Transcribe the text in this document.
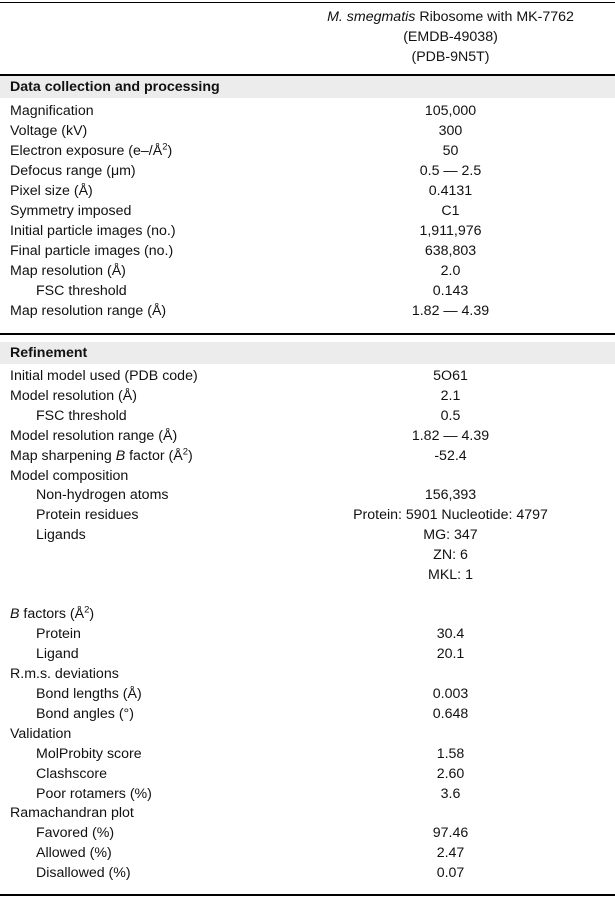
M. smegmatis Ribosome with MK-7762
(EMDB-49038)
(PDB-9N5T)
Data collection and processing
Magnification	105,000
Voltage (kV)	300
Electron exposure $(e-/Å^2)$	50
Defocus range (μm)	0.5 — 2.5
Pixel size (Å)	0.4131
Symmetry imposed	C1
Initial particle images (no.)	1,911,976
Final particle images (no.)	638,803
Map resolution (Å)	2.0
FSC threshold	0.143
Map resolution range (Å)	1.82 — 4.39
Refinement
Initial model used (PDB code)	5O61
Model resolution (Å)	2.1
FSC threshold	0.5
Model resolution range (Å)	1.82 — 4.39
Map sharpening B factor $(Å^2)$	-52.4
Model composition
Non-hydrogen atoms	156,393
Protein residues	Protein: 5901 Nucleotide: 4797
Ligands	MG: 347
ZN: 6
MKL: 1
B factors $(Å^2)$
Protein	30.4
Ligand	20.1
R.m.s. deviations
Bond lengths (Å)	0.003
Bond angles (°)	0.648
Validation
MolProbity score	1.58
Clashscore	2.60
Poor rotamers (%)	3.6
Ramachandran plot
Favored (%)	97.46
Allowed (%)	2.47
Disallowed (%)	0.07
